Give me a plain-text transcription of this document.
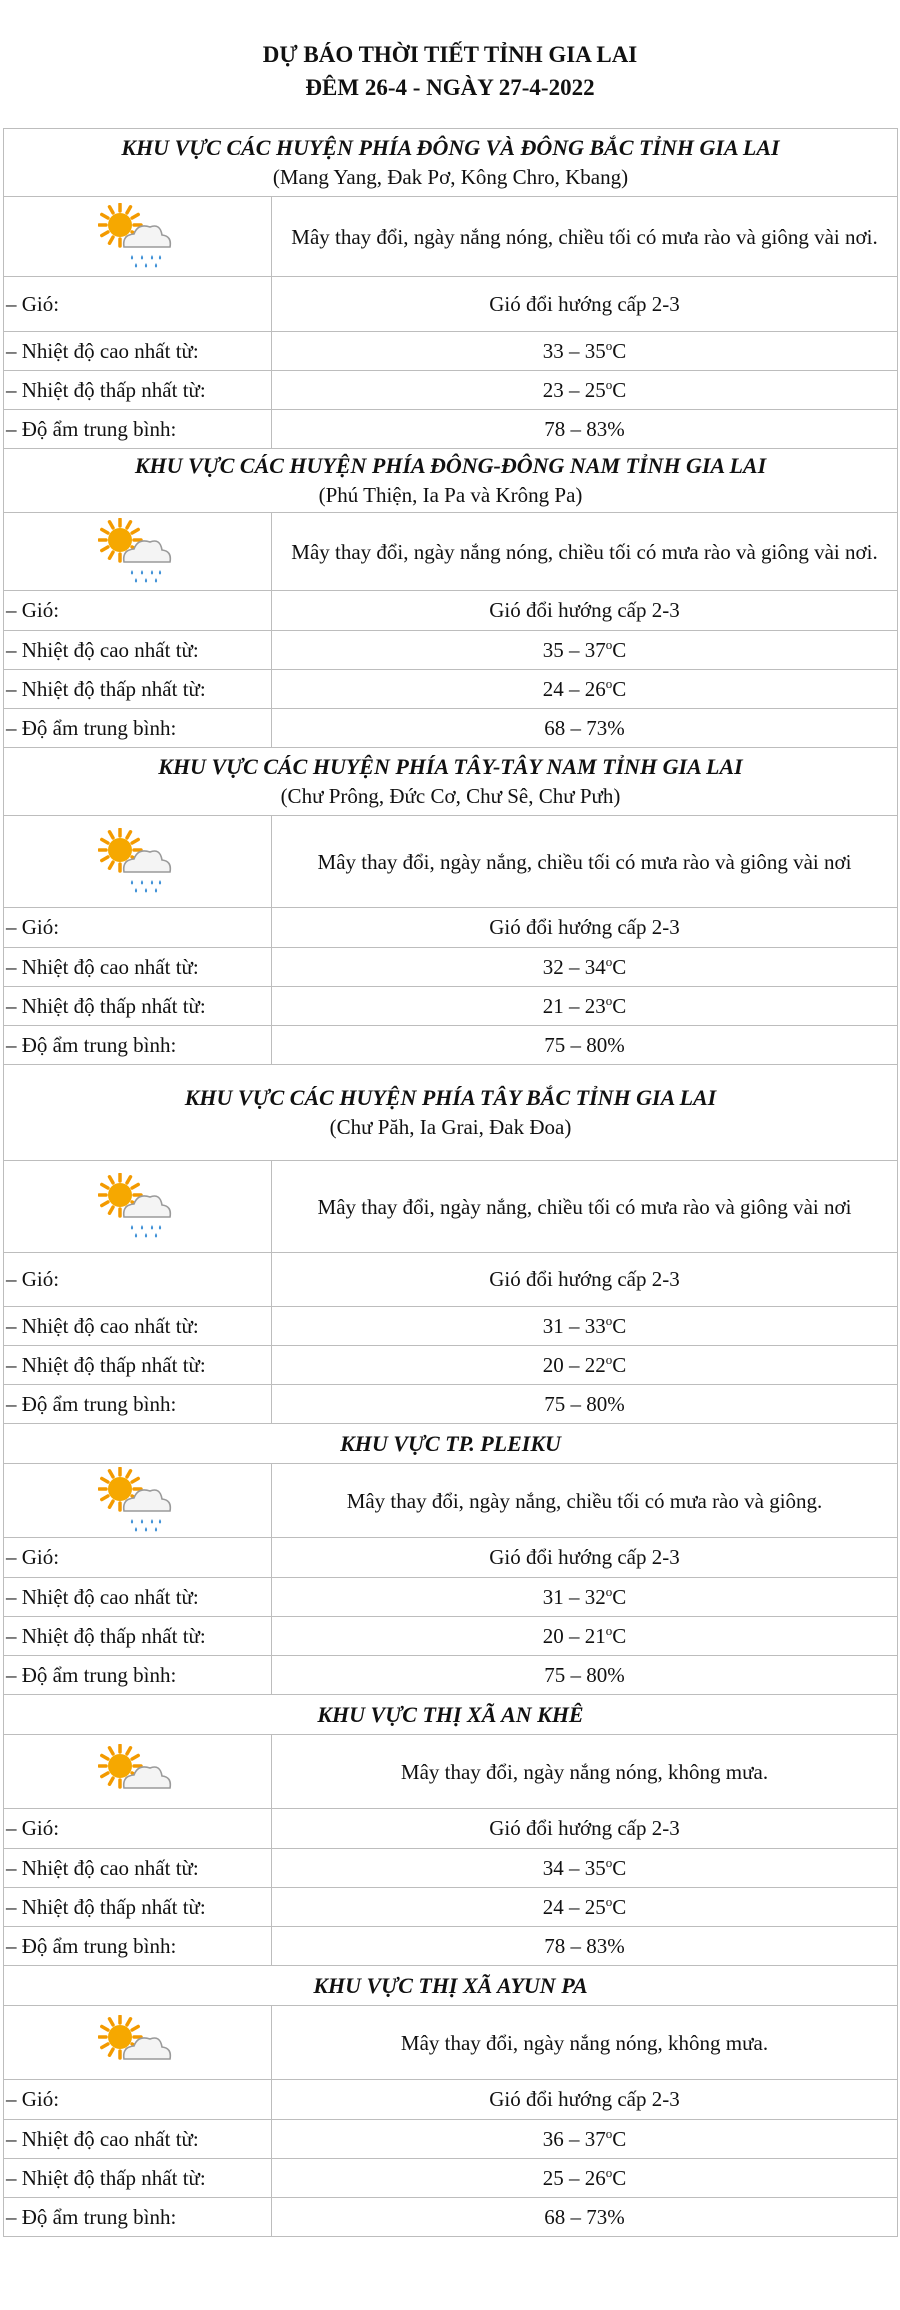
DỰ BÁO THỜI TIẾT TỈNH GIA LAI
ĐÊM 26-4 - NGÀY 27-4-2022
KHU VỰC CÁC HUYỆN PHÍA ĐÔNG VÀ ĐÔNG BẮC TỈNH GIA LAI
(Mang Yang, Đak Pơ, Kông Chro, Kbang)	

	Mây thay đổi, ngày nắng nóng, chiều tối có mưa rào và giông vài nơi.
– Gió:	Gió đổi hướng cấp 2-3
– Nhiệt độ cao nhất từ:	33 – 35$^o$C
– Nhiệt độ thấp nhất từ:	23 – 25$^o$C
– Độ ẩm trung bình:	78 – 83%

KHU VỰC CÁC HUYỆN PHÍA ĐÔNG-ĐÔNG NAM TỈNH GIA LAI
(Phú Thiện, Ia Pa và Krông Pa)	

	Mây thay đổi, ngày nắng nóng, chiều tối có mưa rào và giông vài nơi.
– Gió:	Gió đổi hướng cấp 2-3
– Nhiệt độ cao nhất từ:	35 – 37$^o$C
– Nhiệt độ thấp nhất từ:	24 – 26$^o$C
– Độ ẩm trung bình:	68 – 73%

KHU VỰC CÁC HUYỆN PHÍA TÂY-TÂY NAM TỈNH GIA LAI
(Chư Prông, Đức Cơ, Chư Sê, Chư Pưh)	

	Mây thay đổi, ngày nắng, chiều tối có mưa rào và giông vài nơi
– Gió:	Gió đổi hướng cấp 2-3
– Nhiệt độ cao nhất từ:	32 – 34$^o$C
– Nhiệt độ thấp nhất từ:	21 – 23$^o$C
– Độ ẩm trung bình:	75 – 80%

KHU VỰC CÁC HUYỆN PHÍA TÂY BẮC TỈNH GIA LAI
(Chư Păh, Ia Grai, Đak Đoa)	

	Mây thay đổi, ngày nắng, chiều tối có mưa rào và giông vài nơi
– Gió:	Gió đổi hướng cấp 2-3
– Nhiệt độ cao nhất từ:	31 – 33$^o$C
– Nhiệt độ thấp nhất từ:	20 – 22$^o$C
– Độ ẩm trung bình:	75 – 80%

KHU VỰC TP. PLEIKU	

	Mây thay đổi, ngày nắng, chiều tối có mưa rào và giông.
– Gió:	Gió đổi hướng cấp 2-3
– Nhiệt độ cao nhất từ:	31 – 32$^o$C
– Nhiệt độ thấp nhất từ:	20 – 21$^o$C
– Độ ẩm trung bình:	75 – 80%

KHU VỰC THỊ XÃ AN KHÊ	

	Mây thay đổi, ngày nắng nóng, không mưa.
– Gió:	Gió đổi hướng cấp 2-3
– Nhiệt độ cao nhất từ:	34 – 35$^o$C
– Nhiệt độ thấp nhất từ:	24 – 25$^o$C
– Độ ẩm trung bình:	78 – 83%

KHU VỰC THỊ XÃ AYUN PA	

	Mây thay đổi, ngày nắng nóng, không mưa.
– Gió:	Gió đổi hướng cấp 2-3
– Nhiệt độ cao nhất từ:	36 – 37$^o$C
– Nhiệt độ thấp nhất từ:	25 – 26$^o$C
– Độ ẩm trung bình:	68 – 73%
